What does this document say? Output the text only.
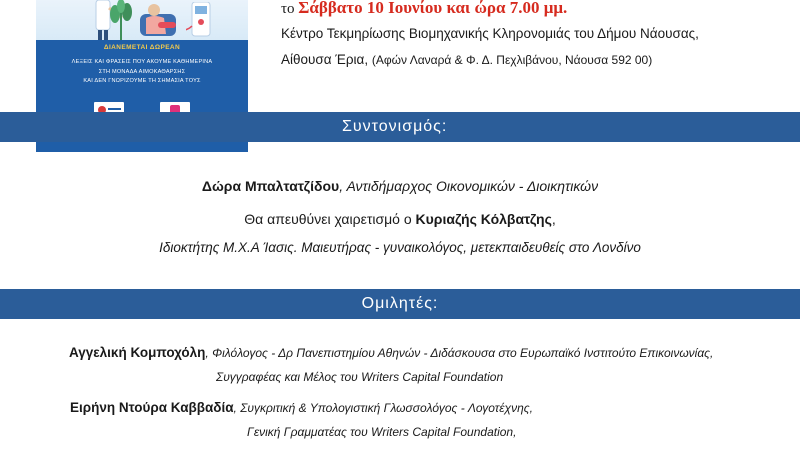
ΔΙΑΝΕΜΕΤΑΙ ΔΩΡΕΑΝ
ΛΕΞΕΙΣ ΚΑΙ ΦΡΑΣΕΙΣ ΠΟΥ ΑΚΟΥΜΕ ΚΑΘΗΜΕΡΙΝΑ
ΣΤΗ ΜΟΝΑΔΑ ΑΙΜΟΚΑΘΑΡΣΗΣ
ΚΑΙ ΔΕΝ ΓΝΩΡΙΖΟΥΜΕ ΤΗ ΣΗΜΑΣΙΑ ΤΟΥΣ
το Σάββατο 10 Ιουνίου και ώρα 7.00 μμ.
Κέντρο Τεκμηρίωσης Βιομηχανικής Κληρονομιάς του Δήμου Νάουσας,
Αίθουσα Έρια, (Αφών Λαναρά & Φ. Δ. Πεχλιβάνου, Νάουσα 592 00)
Συντονισμός:
Δώρα Μπαλτατζίδου, Αντιδήμαρχος Οικονομικών - Διοικητικών
Θα απευθύνει χαιρετισμό ο Κυριαζής Κόλβατζης,
Ιδιοκτήτης Μ.Χ.Α Ίασις. Μαιευτήρας - γυναικολόγος, μετεκπαιδευθείς στο Λονδίνο
Ομιλητές:
Αγγελική Κομποχόλη, Φιλόλογος - Δρ Πανεπιστημίου Αθηνών - Διδάσκουσα στο Ευρωπαϊκό Ινστιτούτο Επικοινωνίας,
Συγγραφέας και Μέλος του Writers Capital Foundation
Ειρήνη Ντούρα Καββαδία, Συγκριτική & Υπολογιστική Γλωσσολόγος - Λογοτέχνης,
Γενική Γραμματέας του Writers Capital Foundation,
